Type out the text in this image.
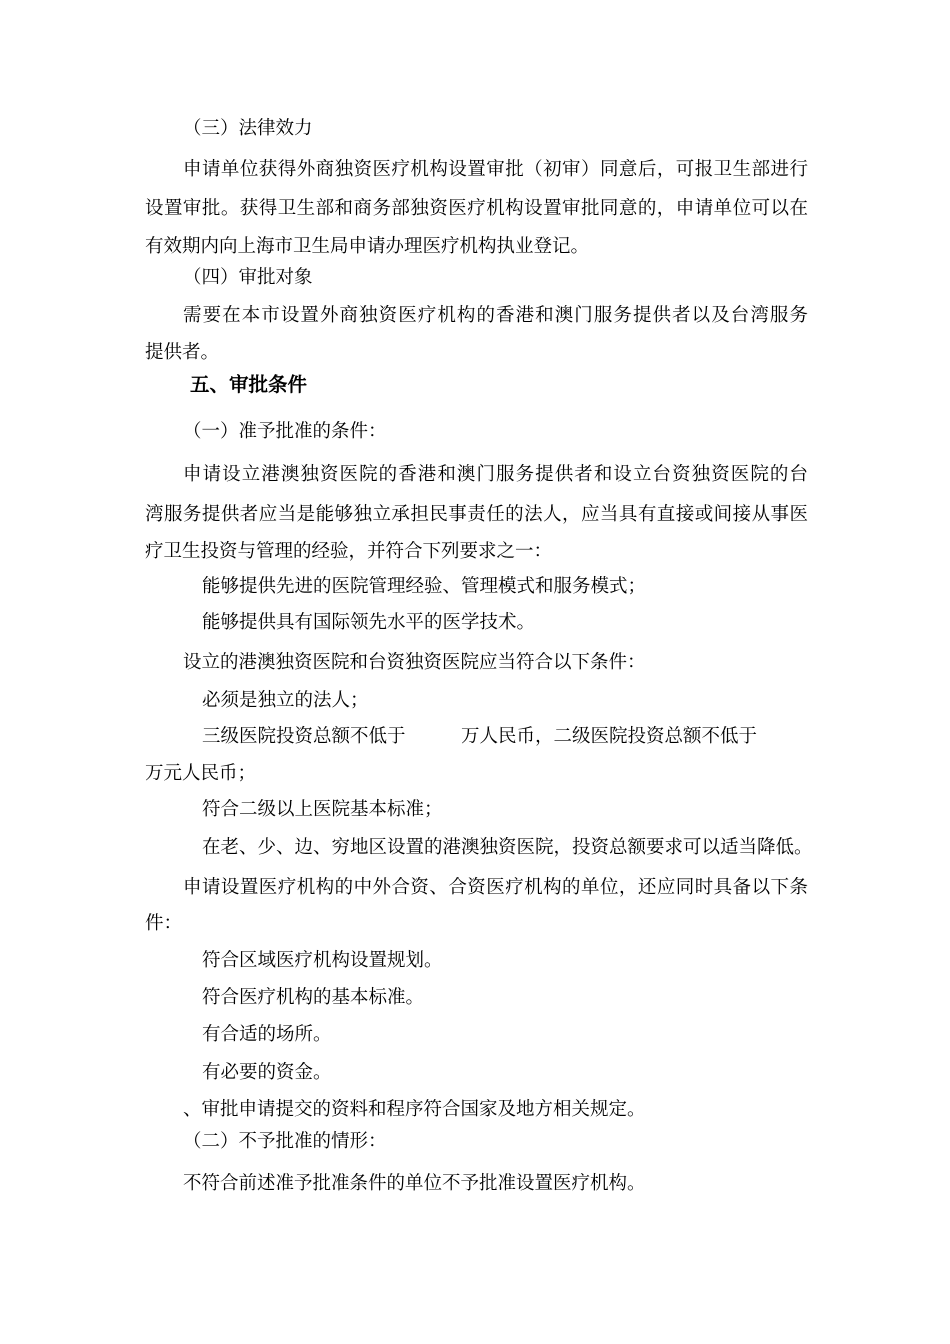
（三）法律效力
申请单位获得外商独资医疗机构设置审批（初审）同意后，可报卫生部进行
设置审批。获得卫生部和商务部独资医疗机构设置审批同意的，申请单位可以在
有效期内向上海市卫生局申请办理医疗机构执业登记。
（四）审批对象
需要在本市设置外商独资医疗机构的香港和澳门服务提供者以及台湾服务
提供者。
五、审批条件
（一）准予批准的条件：
申请设立港澳独资医院的香港和澳门服务提供者和设立台资独资医院的台
湾服务提供者应当是能够独立承担民事责任的法人，应当具有直接或间接从事医
疗卫生投资与管理的经验，并符合下列要求之一：
能够提供先进的医院管理经验、管理模式和服务模式；
能够提供具有国际领先水平的医学技术。
设立的港澳独资医院和台资独资医院应当符合以下条件：
必须是独立的法人；
三级医院投资总额不低于	万人民币，二级医院投资总额不低于
万元人民币；
符合二级以上医院基本标准；
在老、少、边、穷地区设置的港澳独资医院，投资总额要求可以适当降低。
申请设置医疗机构的中外合资、合资医疗机构的单位，还应同时具备以下条
件：
符合区域医疗机构设置规划。
符合医疗机构的基本标准。
有合适的场所。
有必要的资金。
、审批申请提交的资料和程序符合国家及地方相关规定。
（二）不予批准的情形：
不符合前述准予批准条件的单位不予批准设置医疗机构。
